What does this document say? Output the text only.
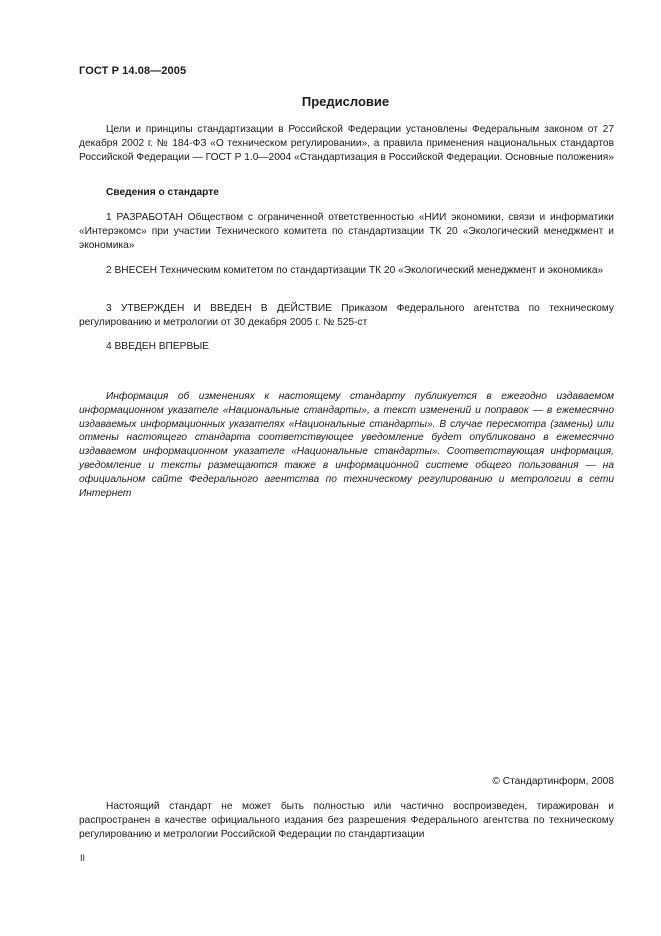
ГОСТ Р 14.08—2005
Предисловие

Цели и принципы стандартизации в Российской Федерации установлены Федеральным законом от 27 декабря 2002 г. № 184-ФЗ «О техническом регулировании», а правила применения национальных стандартов Российской Федерации — ГОСТ Р 1.0—2004 «Стандартизация в Российской Федерации. Основные положения»

Сведения о стандарте

1 РАЗРАБОТАН Обществом с ограниченной ответственностью «НИИ экономики, связи и информатики «Интерэкомс» при участии Технического комитета по стандартизации ТК 20 «Экологический менеджмент и экономика»

2 ВНЕСЕН Техническим комитетом по стандартизации ТК 20 «Экологический менеджмент и экономика»

3 УТВЕРЖДЕН И ВВЕДЕН В ДЕЙСТВИЕ Приказом Федерального агентства по техническому регулированию и метрологии от 30 декабря 2005 г. № 525-ст

4 ВВЕДЕН ВПЕРВЫЕ

Информация об изменениях к настоящему стандарту публикуется в ежегодно издаваемом информационном указателе «Национальные стандарты», а текст изменений и поправок — в ежемесячно издаваемых информационных указателях «Национальные стандарты». В случае пересмотра (замены) или отмены настоящего стандарта соответствующее уведомление будет опубликовано в ежемесячно издаваемом информационном указателе «Национальные стандарты». Соответствующая информация, уведомление и тексты размещаются также в информационной системе общего пользования — на официальном сайте Федерального агентства по техническому регулированию и метрологии в сети Интернет

© Стандартинформ, 2008

Настоящий стандарт не может быть полностью или частично воспроизведен, тиражирован и распространен в качестве официального издания без разрешения Федерального агентства по техническому регулированию и метрологии Российской Федерации по стандартизации

II
